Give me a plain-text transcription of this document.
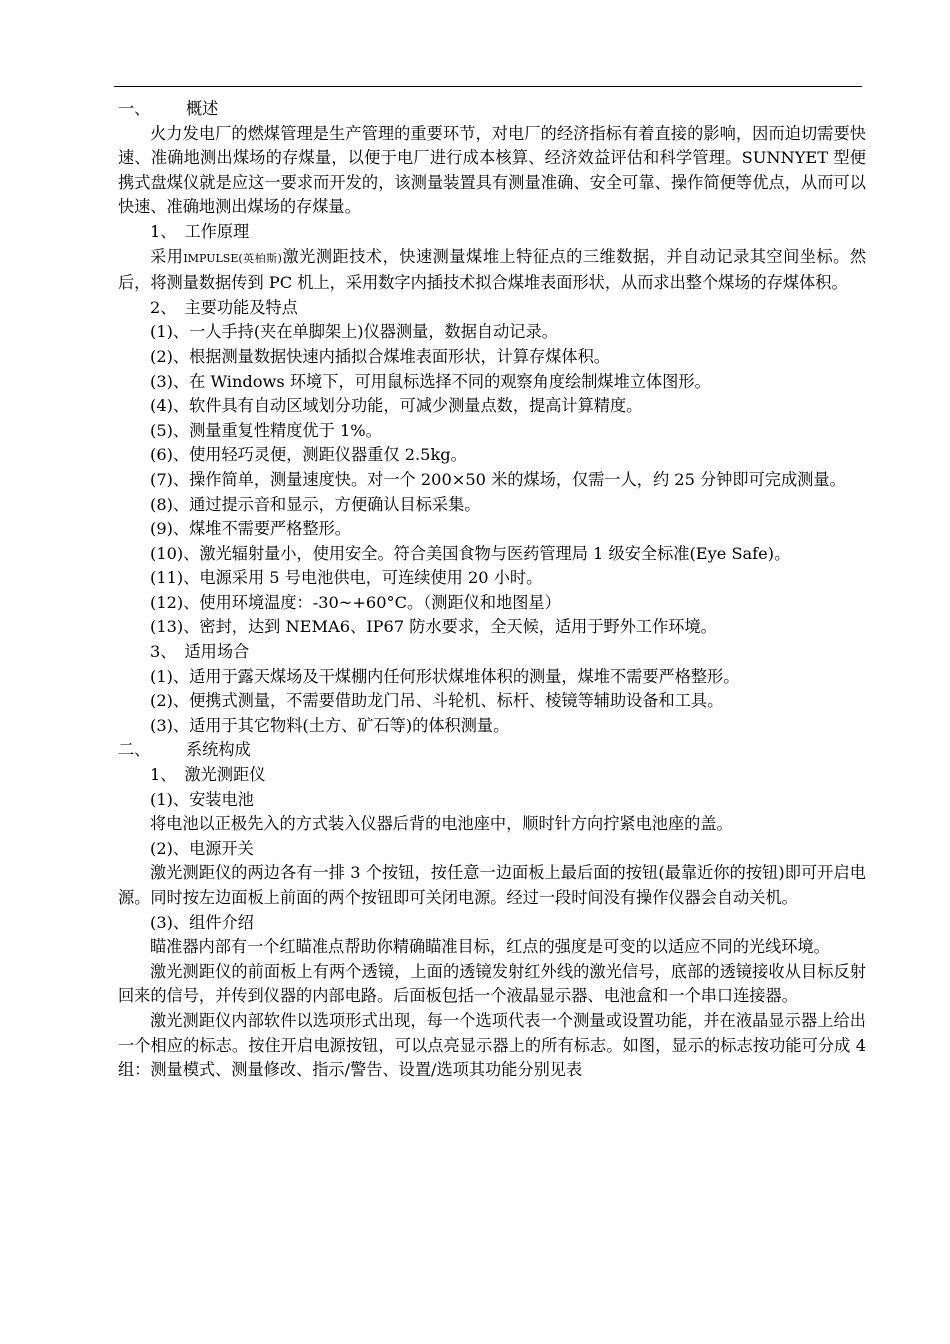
一、 概述

火力发电厂的燃煤管理是生产管理的重要环节，对电厂的经济指标有着直接的影响，因而迫切需要快速、准确地测出煤场的存煤量，以便于电厂进行成本核算、经济效益评估和科学管理。SUNNYET 型便携式盘煤仪就是应这一要求而开发的，该测量装置具有测量准确、安全可靠、操作简便等优点，从而可以快速、准确地测出煤场的存煤量。

1、 工作原理

采用IMPULSE(英柏斯)激光测距技术，快速测量煤堆上特征点的三维数据，并自动记录其空间坐标。然后，将测量数据传到 PC 机上，采用数字内插技术拟合煤堆表面形状，从而求出整个煤场的存煤体积。

2、 主要功能及特点

(1)、一人手持(夹在单脚架上)仪器测量，数据自动记录。

(2)、根据测量数据快速内插拟合煤堆表面形状，计算存煤体积。

(3)、在 Windows 环境下，可用鼠标选择不同的观察角度绘制煤堆立体图形。

(4)、软件具有自动区域划分功能，可减少测量点数，提高计算精度。

(5)、测量重复性精度优于 1%。

(6)、使用轻巧灵便，测距仪器重仅 2.5kg。

(7)、操作简单，测量速度快。对一个 200×50 米的煤场，仅需一人，约 25 分钟即可完成测量。

(8)、通过提示音和显示，方便确认目标采集。

(9)、煤堆不需要严格整形。

(10)、激光辐射量小，使用安全。符合美国食物与医药管理局 1 级安全标准(Eye Safe)。

(11)、电源采用 5 号电池供电，可连续使用 20 小时。

(12)、使用环境温度：-30~+60°C。（测距仪和地图星）

(13)、密封，达到 NEMA6、IP67 防水要求，全天候，适用于野外工作环境。

3、 适用场合

(1)、适用于露天煤场及干煤棚内任何形状煤堆体积的测量，煤堆不需要严格整形。

(2)、便携式测量，不需要借助龙门吊、斗轮机、标杆、棱镜等辅助设备和工具。

(3)、适用于其它物料(土方、矿石等)的体积测量。

二、 系统构成

1、 激光测距仪

(1)、安装电池

将电池以正极先入的方式装入仪器后背的电池座中，顺时针方向拧紧电池座的盖。

(2)、电源开关

激光测距仪的两边各有一排 3 个按钮，按任意一边面板上最后面的按钮(最靠近你的按钮)即可开启电源。同时按左边面板上前面的两个按钮即可关闭电源。经过一段时间没有操作仪器会自动关机。

(3)、组件介绍

瞄准器内部有一个红瞄准点帮助你精确瞄准目标，红点的强度是可变的以适应不同的光线环境。

激光测距仪的前面板上有两个透镜，上面的透镜发射红外线的激光信号，底部的透镜接收从目标反射回来的信号，并传到仪器的内部电路。后面板包括一个液晶显示器、电池盒和一个串口连接器。

激光测距仪内部软件以选项形式出现，每一个选项代表一个测量或设置功能，并在液晶显示器上给出一个相应的标志。按住开启电源按钮，可以点亮显示器上的所有标志。如图，显示的标志按功能可分成 4 组：测量模式、测量修改、指示/警告、设置/选项其功能分别见表
